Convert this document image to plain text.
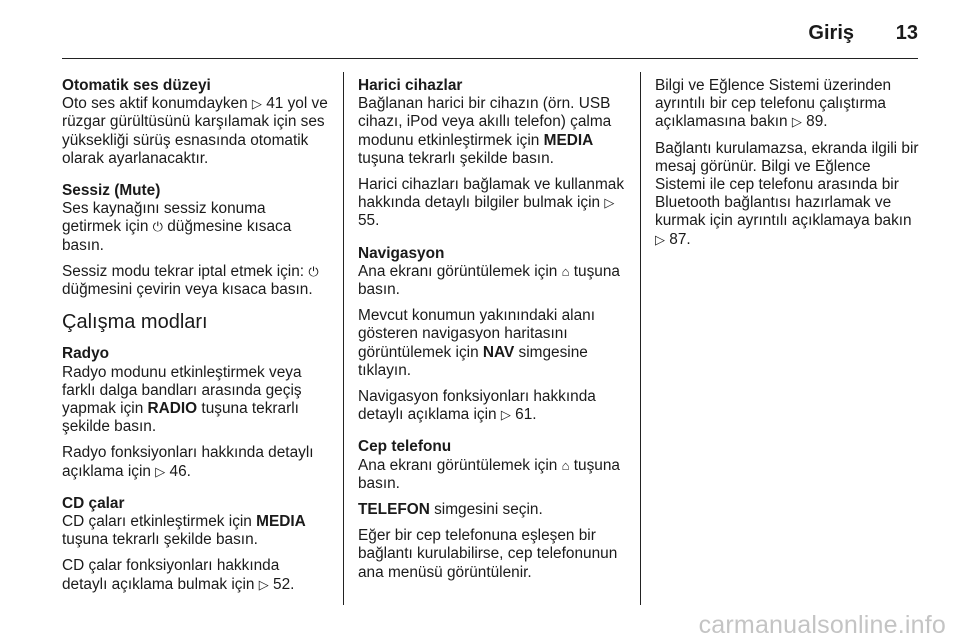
Giriş 13
Otomatik ses düzeyi

Oto ses aktif konumdayken ▷ 41 yol ve rüzgar gürültüsünü karşılamak için ses yüksekliği sürüş esnasında otomatik olarak ayarlanacaktır.

Sessiz (Mute)

Ses kaynağını sessiz konuma getirmek için ⏻ düğmesine kısaca basın.

Sessiz modu tekrar iptal etmek için: ⏻ düğmesini çevirin veya kısaca basın.

Çalışma modları
Radyo

Radyo modunu etkinleştirmek veya farklı dalga bandları arasında geçiş yapmak için RADIO tuşuna tekrarlı şekilde basın.

Radyo fonksiyonları hakkında detaylı açıklama için ▷ 46.

CD çalar

CD çaları etkinleştirmek için MEDIA tuşuna tekrarlı şekilde basın.

CD çalar fonksiyonları hakkında detaylı açıklama bulmak için ▷ 52.

Harici cihazlar

Bağlanan harici bir cihazın (örn. USB cihazı, iPod veya akıllı telefon) çalma modunu etkinleştirmek için MEDIA tuşuna tekrarlı şekilde basın.

Harici cihazları bağlamak ve kullanmak hakkında detaylı bilgiler bulmak için ▷ 55.

Navigasyon

Ana ekranı görüntülemek için ⌂ tuşuna basın.

Mevcut konumun yakınındaki alanı gösteren navigasyon haritasını görüntülemek için NAV simgesine tıklayın.

Navigasyon fonksiyonları hakkında detaylı açıklama için ▷ 61.

Cep telefonu

Ana ekranı görüntülemek için ⌂ tuşuna basın.

TELEFON simgesini seçin.

Eğer bir cep telefonuna eşleşen bir bağlantı kurulabilirse, cep telefonunun ana menüsü görüntülenir.

Bilgi ve Eğlence Sistemi üzerinden ayrıntılı bir cep telefonu çalıştırma açıklamasına bakın ▷ 89.

Bağlantı kurulamazsa, ekranda ilgili bir mesaj görünür. Bilgi ve Eğlence Sistemi ile cep telefonu arasında bir Bluetooth bağlantısı hazırlamak ve kurmak için ayrıntılı açıklamaya bakın ▷ 87.

carmanualsonline.info
